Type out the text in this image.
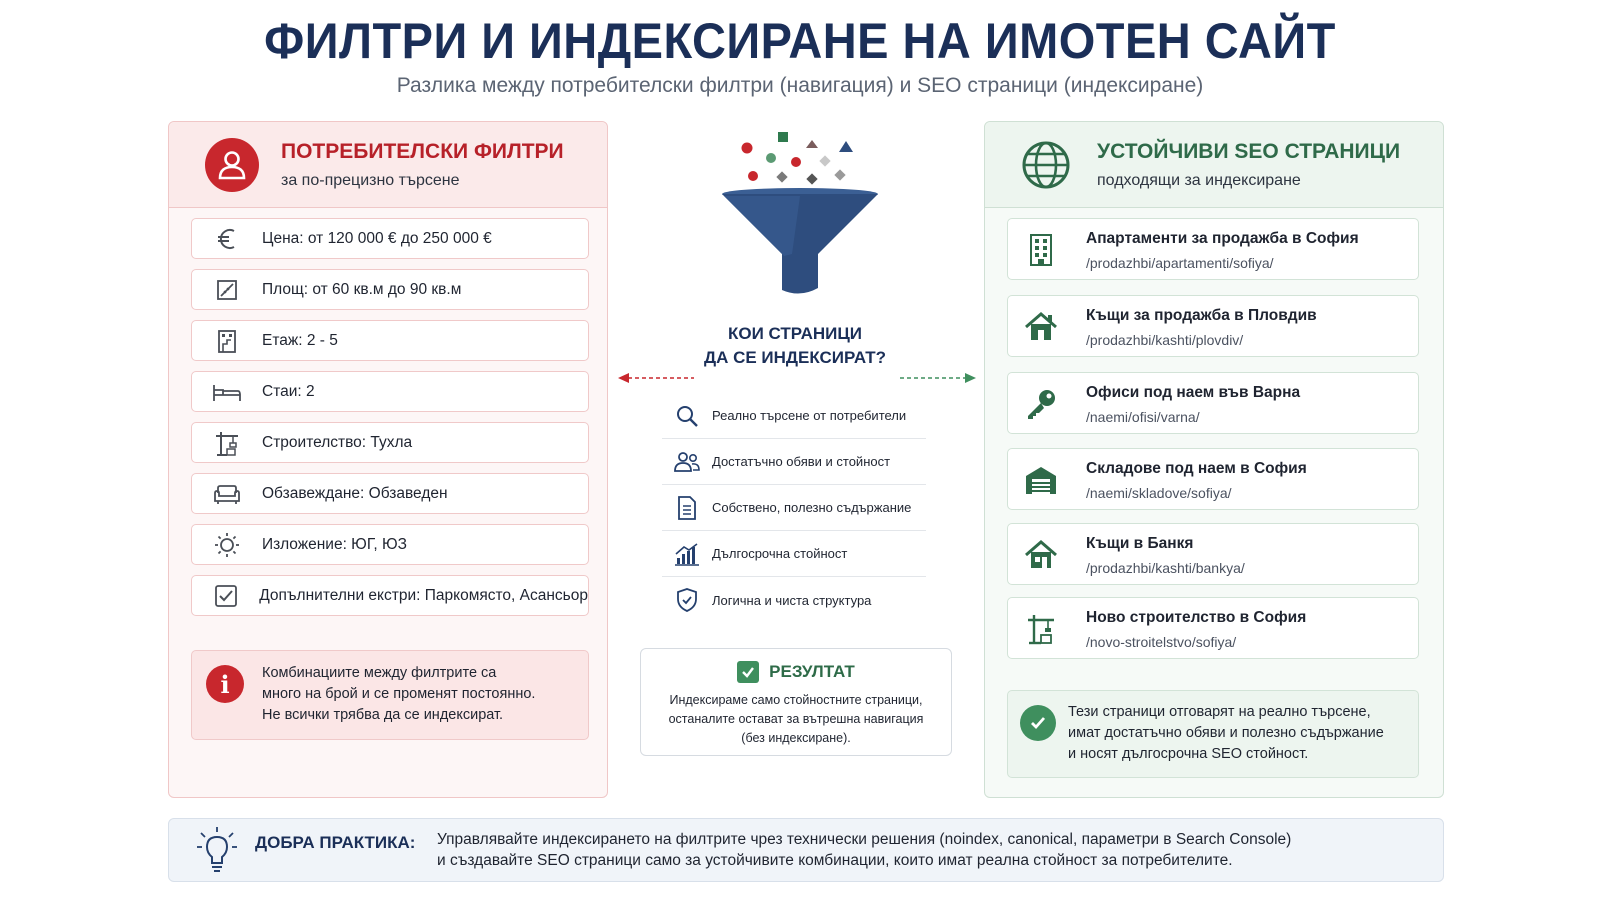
ФИЛТРИ И ИНДЕКСИРАНЕ НА ИМОТЕН САЙТ
Разлика между потребителски филтри (навигация) и SEO страници (индексиране)
ПОТРЕБИТЕЛСКИ ФИЛТРИ
за по-прецизно търсене
Цена: от 120 000 € до 250 000 €
Площ: от 60 кв.м до 90 кв.м
Етаж: 2 - 5
Стаи: 2
Строителство: Тухла
Обзавеждане: Обзаведен
Изложение: ЮГ, ЮЗ
Допълнителни екстри: Паркомясто, Асансьор
i	Комбинациите между филтрите са
много на брой и се променят постоянно.
Не всички трябва да се индексират.
КОИ СТРАНИЦИ
ДА СЕ ИНДЕКСИРАТ?
Реално търсене от потребители
Достатъчно обяви и стойност
Собствено, полезно съдържание
Дългосрочна стойност
Логична и чиста структура
РЕЗУЛТАТ
Индексираме само стойностните страници,
останалите остават за вътрешна навигация
(без индексиране).
УСТОЙЧИВИ SEO СТРАНИЦИ
подходящи за индексиране
Апартаменти за продажба в София
/prodazhbi/apartamenti/sofiya/
Къщи за продажба в Пловдив
/prodazhbi/kashti/plovdiv/
Офиси под наем във Варна
/naemi/ofisi/varna/
Складове под наем в София
/naemi/skladove/sofiya/
Къщи в Банкя
/prodazhbi/kashti/bankya/
Ново строителство в София
/novo-stroitelstvo/sofiya/
Тези страници отговарят на реално търсене,
имат достатъчно обяви и полезно съдържание
и носят дългосрочна SEO стойност.
ДОБРА ПРАКТИКА: Управлявайте индексирането на филтрите чрез технически решения (noindex, canonical, параметри в Search Console)
и създавайте SEO страници само за устойчивите комбинации, които имат реална стойност за потребителите.
